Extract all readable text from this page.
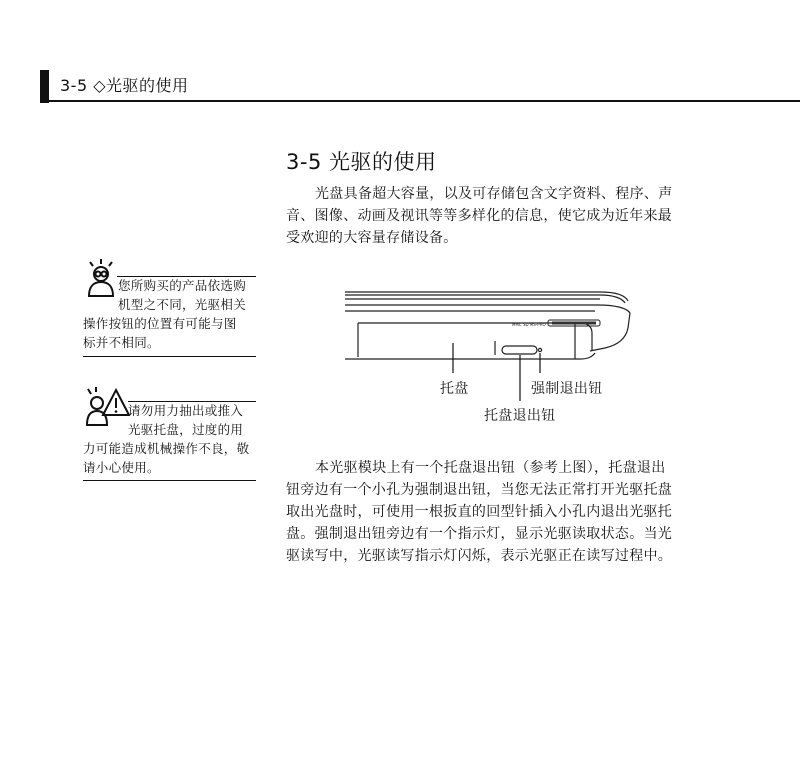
3-5 ◇光驱的使用
3-5 光驱的使用

光盘具备超大容量，以及可存储包含文字资料、程序、声
音、图像、动画及视讯等等多样化的信息，使它成为近年来最
受欢迎的大容量存储设备。

您所购买的产品依选购
机型之不同，光驱相关
操作按钮的位置有可能与图
标并不相同。
请勿用力抽出或推入
光驱托盘，过度的用
力可能造成机械操作不良，敬
请小心使用。
MMC SD MS-PRO
托盘	强制退出钮
托盘退出钮

本光驱模块上有一个托盘退出钮（参考上图），托盘退出
钮旁边有一个小孔为强制退出钮，当您无法正常打开光驱托盘
取出光盘时，可使用一根扳直的回型针插入小孔内退出光驱托
盘。强制退出钮旁边有一个指示灯，显示光驱读取状态。当光
驱读写中，光驱读写指示灯闪烁，表示光驱正在读写过程中。
